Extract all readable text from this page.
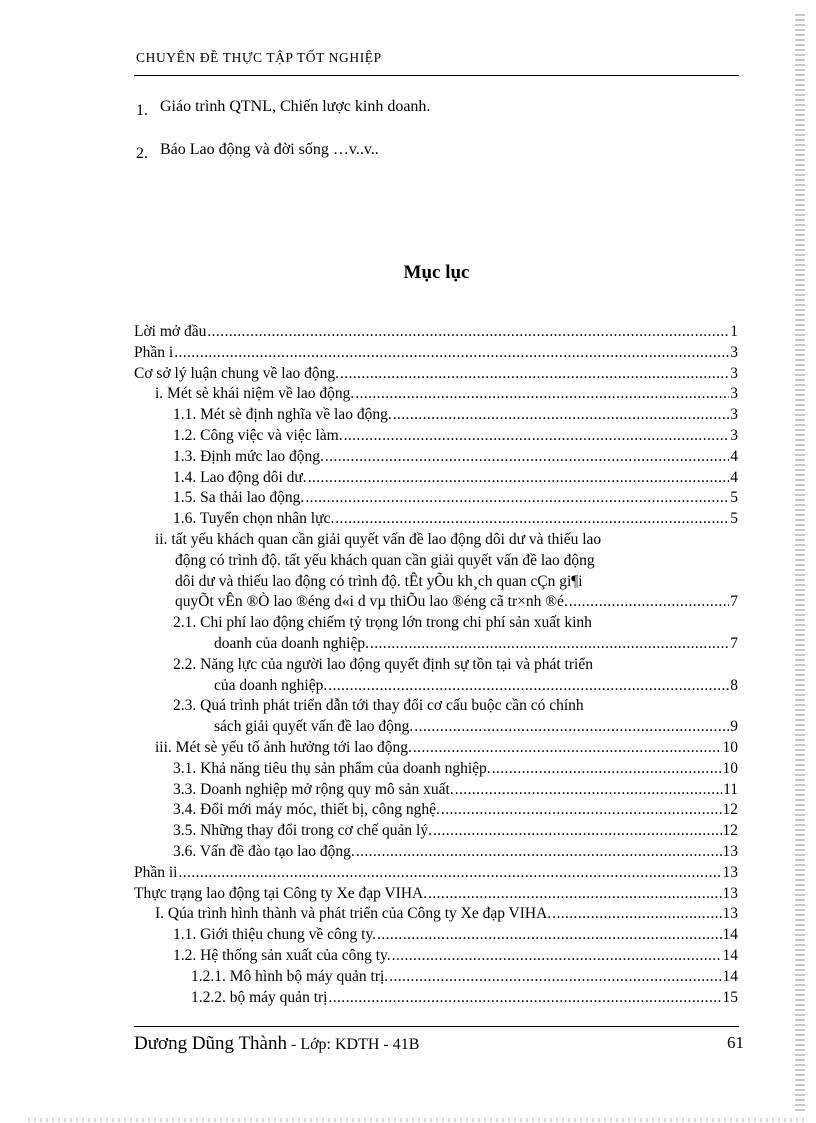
CHUYÊN ĐỀ THỰC TẬP TỐT NGHIỆP
1. Giáo trình QTNL, Chiến lược kinh doanh.
2. Báo Lao động và đời sống …v..v..
Mục lục
Lời mở đầu .....	1
Phần i .....	3
Cơ sở lý luận chung về lao động. .....	3
i. Mét sè khái niệm về lao động. .....	3
1.1. Mét sè định nghĩa về lao động. .....	3
1.2. Công việc và việc làm. .....	3
1.3. Định mức lao động. .....	4
1.4. Lao động dôi dư. .....	4
1.5. Sa thải lao động. .....	5
1.6. Tuyển chọn nhân lực. .....	5
ii. tất yếu khách quan cần giải quyết vấn đề lao động dôi dư và thiếu lao
động có trình độ. tất yếu khách quan cần giải quyết vấn đề lao động
dôi dư và thiếu lao động có trình độ. tÊt yÕu kh¸ch quan cÇn gi¶i
quyÕt vÊn ®Ò lao ®éng d«i d vµ thiÕu lao ®éng cã tr×nh ®é. .....	7
2.1. Chi phí lao động chiếm tỷ trọng lớn trong chi phí sản xuất kinh
doanh của doanh nghiệp. .....	7
2.2. Năng lực của người lao động quyết định sự tồn tại và phát triển
của doanh nghiệp. .....	8
2.3. Quá trình phát triển dẫn tới thay đổi cơ cấu buộc cần có chính
sách giải quyết vấn đề lao động. .....	9
iii. Mét sè yếu tố ảnh hưởng tới lao động. .....	10
3.1. Khả năng tiêu thụ sản phẩm của doanh nghiệp. .....	10
3.3. Doanh nghiệp mở rộng quy mô sản xuất. .....	11
3.4. Đổi mới máy móc, thiết bị, công nghệ. .....	12
3.5. Những thay đổi trong cơ chế quản lý. .....	12
3.6. Vấn đề đào tạo lao động. .....	13
Phần ii .....	13
Thực trạng lao động tại Công ty Xe đạp VIHA. .....	13
I. Qúa trình hình thành và phát triển của Công ty Xe đạp VIHA. .....	13
1.1. Giới thiệu chung về công ty. .....	14
1.2. Hệ thống sản xuất của công ty. .....	14
1.2.1. Mô hình bộ máy quản trị. .....	14
1.2.2. bộ máy quản trị .....	15
Dương Dũng Thành - Lớp: KDTH - 41B	61
